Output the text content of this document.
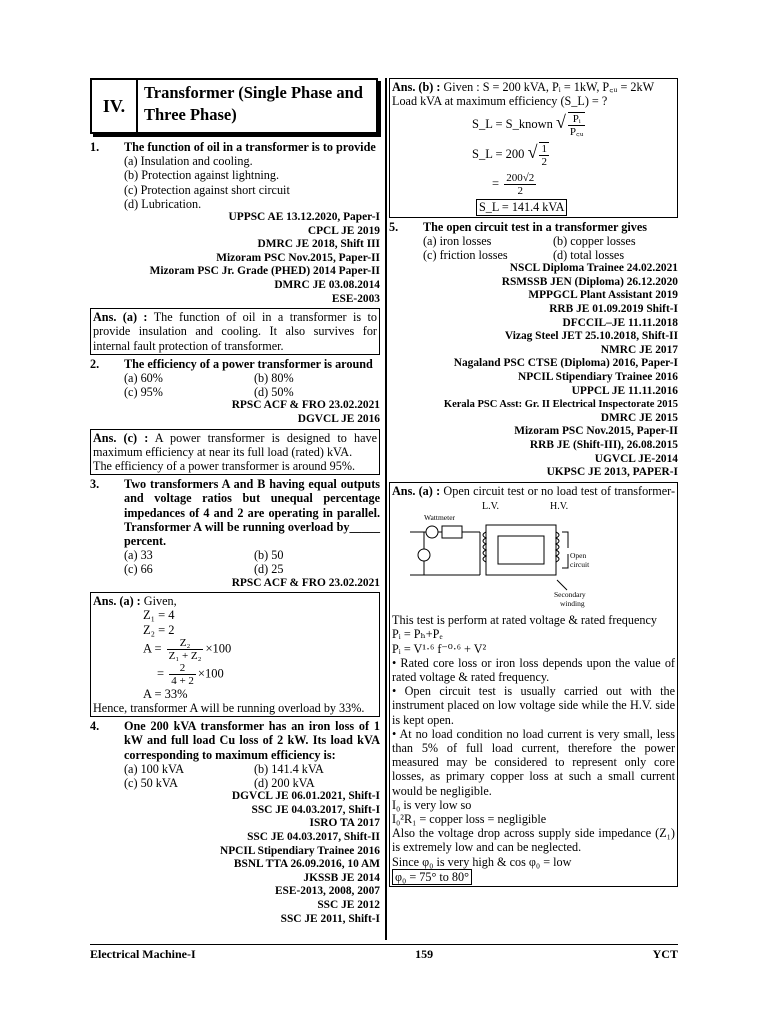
IV.
Transformer (Single Phase and Three Phase)
1.	The function of oil in a transformer is to provide
(a) Insulation and cooling.
(b) Protection against lightning.
(c) Protection against short circuit
(d) Lubrication.
UPPSC AE 13.12.2020, Paper-I
CPCL JE 2019
DMRC JE 2018, Shift III
Mizoram PSC Nov.2015, Paper-II
Mizoram PSC Jr. Grade (PHED) 2014 Paper-II
DMRC JE 03.08.2014
ESE-2003
Ans. (a) : The function of oil in a transformer is to provide insulation and cooling. It also survives for internal fault protection of transformer.
2.	The efficiency of a power transformer is around
(a) 60%	(b) 80%
(c) 95%	(d) 50%
RPSC ACF & FRO 23.02.2021
DGVCL JE 2016
Ans. (c) : A power transformer is designed to have maximum efficiency at near its full load (rated) kVA.
The efficiency of a power transformer is around 95%.
3.	Two transformers A and B having equal outputs and voltage ratios but unequal percentage impedances of 4 and 2 are operating in parallel. Transformer A will be running overload by_____ percent.
(a) 33	(b) 50
(c) 66	(d) 25
RPSC ACF & FRO 23.02.2021
Ans. (a) : Given,
Z₁ = 4
Z₂ = 2
$A = \frac{\text{Z₂}}{\text{Z₁ + Z₂}} \times 100$
= $\frac{2}{4 + 2} \times 100$
A = 33%
Hence, transformer A will be running overload by 33%.
4.	One 200 kVA transformer has an iron loss of 1 kW and full load Cu loss of 2 kW. Its load kVA corresponding to maximum efficiency is:
(a) 100 kVA	(b) 141.4 kVA
(c) 50 kVA	(d) 200 kVA
DGVCL JE 06.01.2021, Shift-I
SSC JE 04.03.2017, Shift-I
ISRO TA 2017
SSC JE 04.03.2017, Shift-II
NPCIL Stipendiary Trainee 2016
BSNL TTA 26.09.2016, 10 AM
JKSSB JE 2014
ESE-2013, 2008, 2007
SSC JE 2012
SSC JE 2011, Shift-I
Ans. (b) : Given : S = 200 kVA, Pᵢ = 1kW, P꜀ᵤ = 2kW
Load kVA at maximum efficiency (S_L) = ?
S_L = S_known √ $\frac{\text{Pᵢ}}{\text{P꜀ᵤ}}$
S_L = 200 √ $\frac{1}{2}$
= $\frac{200√2}{2}$
S_L = 141.4 kVA
5.	The open circuit test in a transformer gives
(a) iron losses	(b) copper losses
(c) friction losses	(d) total losses
NSCL Diploma Trainee 24.02.2021
RSMSSB JEN (Diploma) 26.12.2020
MPPGCL Plant Assistant 2019
RRB JE 01.09.2019 Shift-I
DFCCIL–JE 11.11.2018
Vizag Steel JET 25.10.2018, Shift-II
NMRC JE 2017
Nagaland PSC CTSE (Diploma) 2016, Paper-I
NPCIL Stipendiary Trainee 2016
UPPCL JE 11.11.2016
Kerala PSC Asst: Gr. II Electrical Inspectorate 2015
DMRC JE 2015
Mizoram PSC Nov.2015, Paper-II
RRB JE (Shift-III), 26.08.2015
UGVCL JE-2014
UKPSC JE 2013, PAPER-I
Ans. (a) : Open circuit test or no load test of transformer-
L.V.	H.V.
Wattmeter
Open
circuit
Secondary
winding
This test is perform at rated voltage & rated frequency
Pᵢ = Pₕ+Pₑ
Pᵢ = V¹·⁶ f⁻⁰·⁶ + V²
• Rated core loss or iron loss depends upon the value of rated voltage & rated frequency.
• Open circuit test is usually carried out with the instrument placed on low voltage side while the H.V. side is kept open.
• At no load condition no load current is very small, less than 5% of full load current, therefore the power measured may be considered to represent only core losses, as primary copper loss at such a small current would be negligible.
I₀ is very low so
I₀²R₁ = copper loss = negligible
Also the voltage drop across supply side impedance (Z₁) is extremely low and can be neglected.
Since φ₀ is very high & cos φ₀ = low
φ₀ = 75° to 80°
Electrical Machine-I	159	YCT
